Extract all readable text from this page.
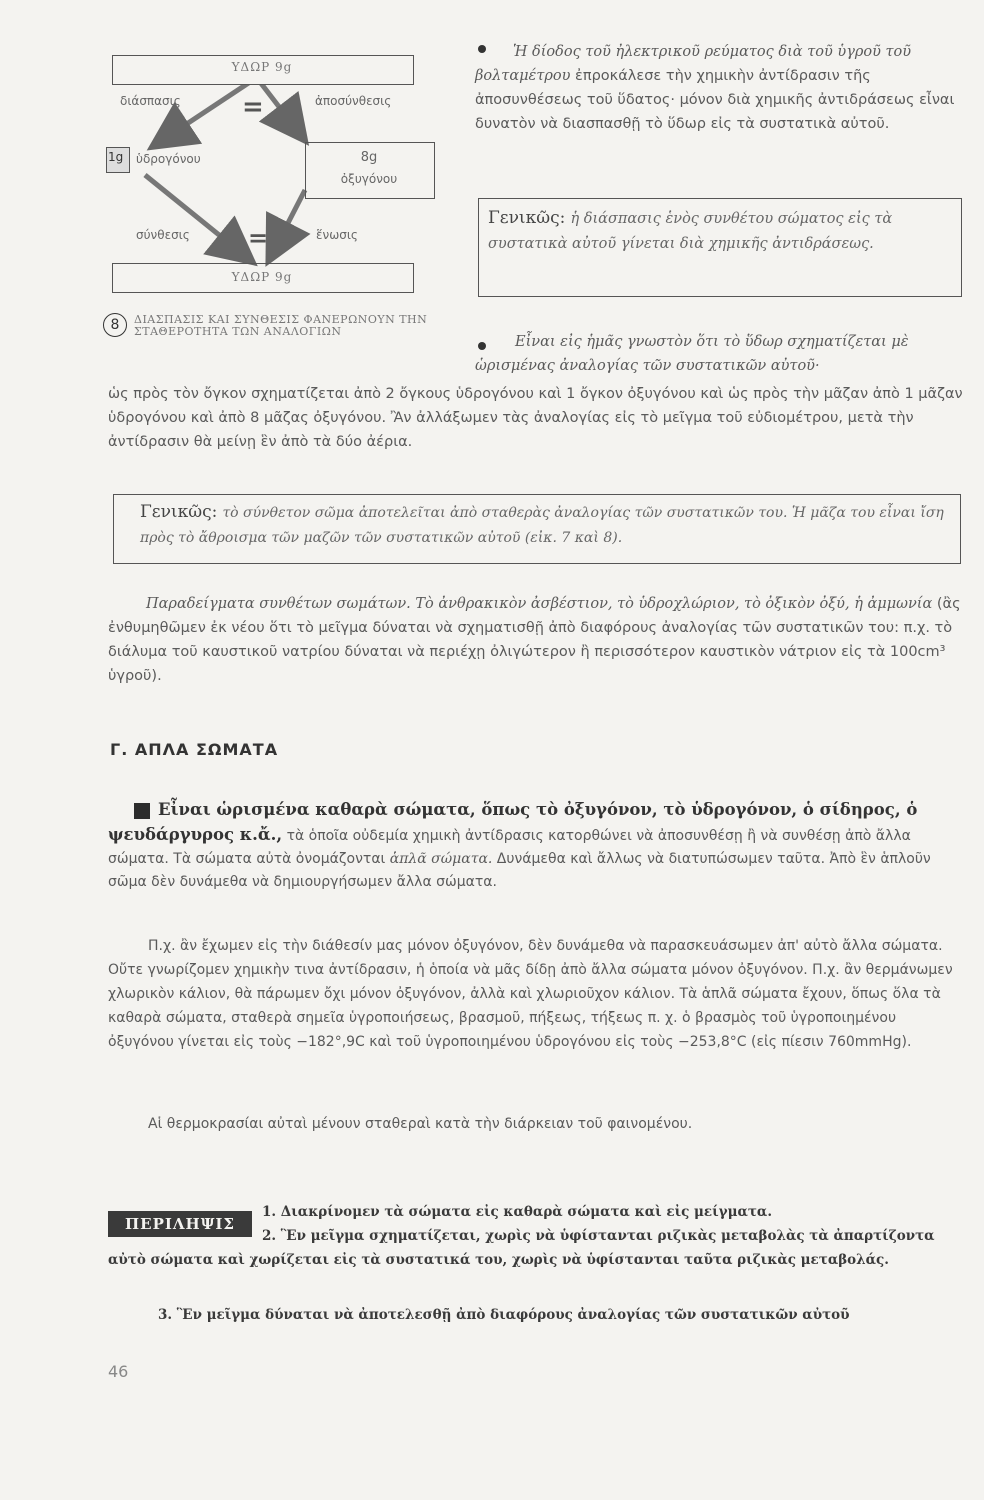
ΥΔΩΡ 9g
διάσπασις	ἀποσύνθεσις
=
1g ὑδρογόνου	8g
ὀξυγόνου
σύνθεσις =	ἕνωσις
ΥΔΩΡ 9g
8	ΔΙΑΣΠΑΣΙΣ ΚΑΙ ΣΥΝΘΕΣΙΣ ΦΑΝΕΡΩΝΟΥΝ ΤΗΝ ΣΤΑΘΕΡΟΤΗΤΑ ΤΩΝ ΑΝΑΛΟΓΙΩΝ
Ἡ δίοδος τοῦ ἠλεκτρικοῦ ρεύματος διὰ τοῦ ὑγροῦ τοῦ βολταμέτρου ἐπροκάλεσε τὴν χημικὴν ἀντίδρασιν τῆς ἀποσυνθέσεως τοῦ ὕδατος· μόνον διὰ χημικῆς ἀντιδράσεως εἶναι δυνατὸν νὰ διασπασθῇ τὸ ὕδωρ εἰς τὰ συστατικὰ αὐτοῦ.
Γενικῶς: ἡ διάσπασις ἑνὸς συνθέτου σώματος εἰς τὰ συστατικὰ αὐτοῦ γίνεται διὰ χημικῆς ἀντιδράσεως.
Εἶναι εἰς ἡμᾶς γνωστὸν ὅτι τὸ ὕδωρ σχηματίζεται μὲ ὡρισμένας ἀναλογίας τῶν συστατικῶν αὐτοῦ·
ὡς πρὸς τὸν ὄγκον σχηματίζεται ἀπὸ 2 ὄγκους ὑδρογόνου καὶ 1 ὄγκον ὀξυγόνου καὶ ὡς πρὸς τὴν μᾶζαν ἀπὸ 1 μᾶζαν ὑδρογόνου καὶ ἀπὸ 8 μᾶζας ὀξυγόνου. Ἂν ἀλλάξωμεν τὰς ἀναλογίας εἰς τὸ μεῖγμα τοῦ εὐδιομέτρου, μετὰ τὴν ἀντίδρασιν θὰ μείνῃ ἓν ἀπὸ τὰ δύο ἀέρια.
Γενικῶς: τὸ σύνθετον σῶμα ἀποτελεῖται ἀπὸ σταθερὰς ἀναλογίας τῶν συστατικῶν του. Ἡ μᾶζα του εἶναι ἴση πρὸς τὸ ἄθροισμα τῶν μαζῶν τῶν συστατικῶν αὐτοῦ (εἰκ. 7 καὶ 8).
Παραδείγματα συνθέτων σωμάτων. Τὸ ἀνθρακικὸν ἀσβέστιον, τὸ ὑδροχλώριον, τὸ ὀξικὸν ὀξύ, ἡ ἀμμωνία (ἂς ἐνθυμηθῶμεν ἐκ νέου ὅτι τὸ μεῖγμα δύναται νὰ σχηματισθῇ ἀπὸ διαφόρους ἀναλογίας τῶν συστατικῶν του: π.χ. τὸ διάλυμα τοῦ καυστικοῦ νατρίου δύναται νὰ περιέχῃ ὀλιγώτερον ἢ περισσότερον καυστικὸν νάτριον εἰς τὰ 100cm³ ὑγροῦ).
Γ. ΑΠΛΑ ΣΩΜΑΤΑ
Εἶναι ὡρισμένα καθαρὰ σώματα, ὅπως τὸ ὀξυγόνον, τὸ ὑδρογόνον, ὁ σίδηρος, ὁ ψευδάργυρος κ.ἄ., τὰ ὁποῖα οὐδεμία χημικὴ ἀντίδρασις κατορθώνει νὰ ἀποσυνθέσῃ ἢ νὰ συνθέσῃ ἀπὸ ἄλλα σώματα. Τὰ σώματα αὐτὰ ὀνομάζονται ἁπλᾶ σώματα. Δυνάμεθα καὶ ἄλλως νὰ διατυπώσωμεν ταῦτα. Ἀπὸ ἓν ἁπλοῦν σῶμα δὲν δυνάμεθα νὰ δημιουργήσωμεν ἄλλα σώματα.
Π.χ. ἂν ἔχωμεν εἰς τὴν διάθεσίν μας μόνον ὀξυγόνον, δὲν δυνάμεθα νὰ παρασκευάσωμεν ἀπ' αὐτὸ ἄλλα σώματα. Οὔτε γνωρίζομεν χημικὴν τινα ἀντίδρασιν, ἡ ὁποία νὰ μᾶς δίδῃ ἀπὸ ἄλλα σώματα μόνον ὀξυγόνον. Π.χ. ἂν θερμάνωμεν χλωρικὸν κάλιον, θὰ πάρωμεν ὄχι μόνον ὀξυγόνον, ἀλλὰ καὶ χλωριοῦχον κάλιον. Τὰ ἁπλᾶ σώματα ἔχουν, ὅπως ὅλα τὰ καθαρὰ σώματα, σταθερὰ σημεῖα ὑγροποιήσεως, βρασμοῦ, πήξεως, τήξεως π. χ. ὁ βρασμὸς τοῦ ὑγροποιημένου ὀξυγόνου γίνεται εἰς τοὺς −182°,9C καὶ τοῦ ὑγροποιημένου ὑδρογόνου εἰς τοὺς −253,8°C (εἰς πίεσιν 760mmHg).
Αἱ θερμοκρασίαι αὐταὶ μένουν σταθεραὶ κατὰ τὴν διάρκειαν τοῦ φαινομένου.
ΠΕΡΙΛΗΨΙΣ
1. Διακρίνομεν τὰ σώματα εἰς καθαρὰ σώματα καὶ εἰς μείγματα.
2. Ἓν μεῖγμα σχηματίζεται, χωρὶς νὰ ὑφίστανται ριζικὰς μεταβολὰς τὰ ἀπαρτίζοντα αὐτὸ σώματα καὶ χωρίζεται εἰς τὰ συστατικά του, χωρὶς νὰ ὑφίστανται ταῦτα ριζικὰς μεταβολάς.
3. Ἓν μεῖγμα δύναται νὰ ἀποτελεσθῇ ἀπὸ διαφόρους ἀναλογίας τῶν συστατικῶν αὐτοῦ
46
